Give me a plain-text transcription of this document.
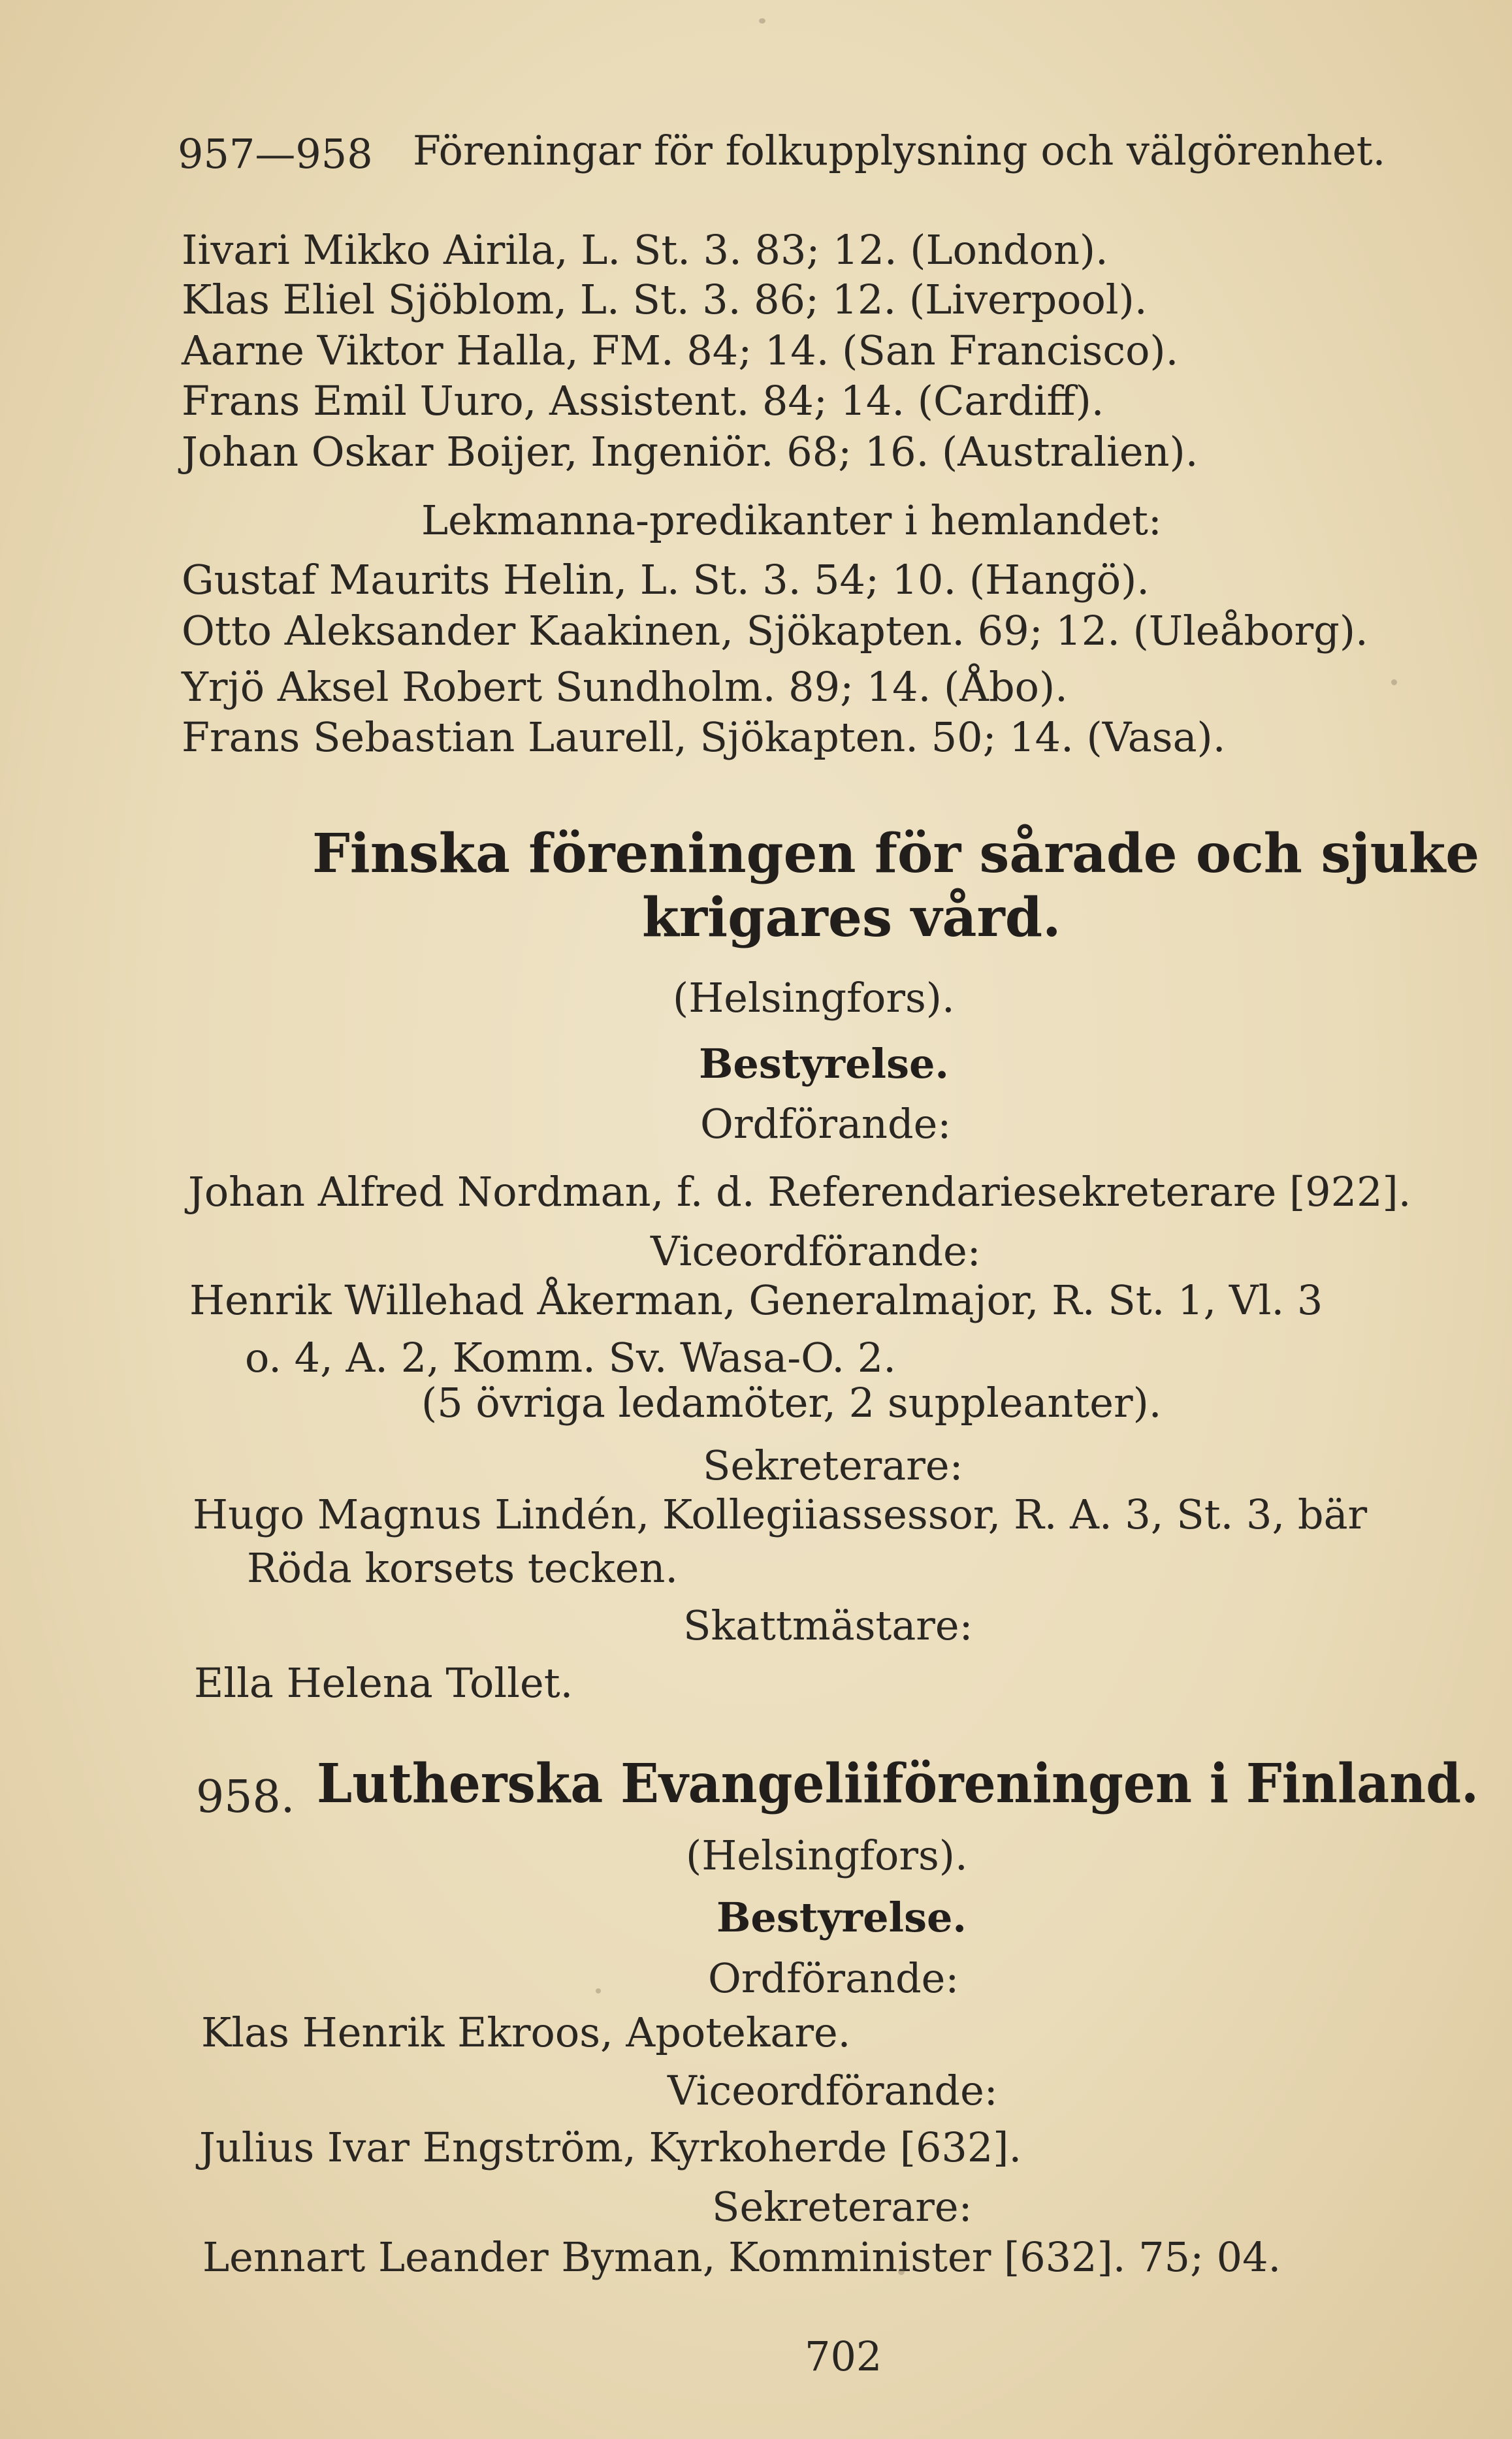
957—958 Föreningar för folkupplysning och välgörenhet.
Iivari Mikko Airila, L. St. 3. 83; 12. (London).
Klas Eliel Sjöblom, L. St. 3. 86; 12. (Liverpool).
Aarne Viktor Halla, FM. 84; 14. (San Francisco).
Frans Emil Uuro, Assistent. 84; 14. (Cardiff).
Johan Oskar Boijer, Ingeniör. 68; 16. (Australien).
Lekmanna-predikanter i hemlandet:
Gustaf Maurits Helin, L. St. 3. 54; 10. (Hangö).
Otto Aleksander Kaakinen, Sjökapten. 69; 12. (Uleåborg).
Yrjö Aksel Robert Sundholm. 89; 14. (Åbo).
Frans Sebastian Laurell, Sjökapten. 50; 14. (Vasa).
Finska föreningen för sårade och sjuke
krigares vård.
(Helsingfors).
Bestyrelse.
Ordförande:
Johan Alfred Nordman, f. d. Referendariesekreterare [922].
Viceordförande:
Henrik Willehad Åkerman, Generalmajor, R. St. 1, Vl. 3
o. 4, A. 2, Komm. Sv. Wasa-O. 2.
(5 övriga ledamöter, 2 suppleanter).
Sekreterare:
Hugo Magnus Lindén, Kollegiiassessor, R. A. 3, St. 3, bär
Röda korsets tecken.
Skattmästare:
Ella Helena Tollet.
958. Lutherska Evangeliiföreningen i Finland.
(Helsingfors).
Bestyrelse.
Ordförande:
Klas Henrik Ekroos, Apotekare.
Viceordförande:
Julius Ivar Engström, Kyrkoherde [632].
Sekreterare:
Lennart Leander Byman, Komminister [632]. 75; 04.
702
